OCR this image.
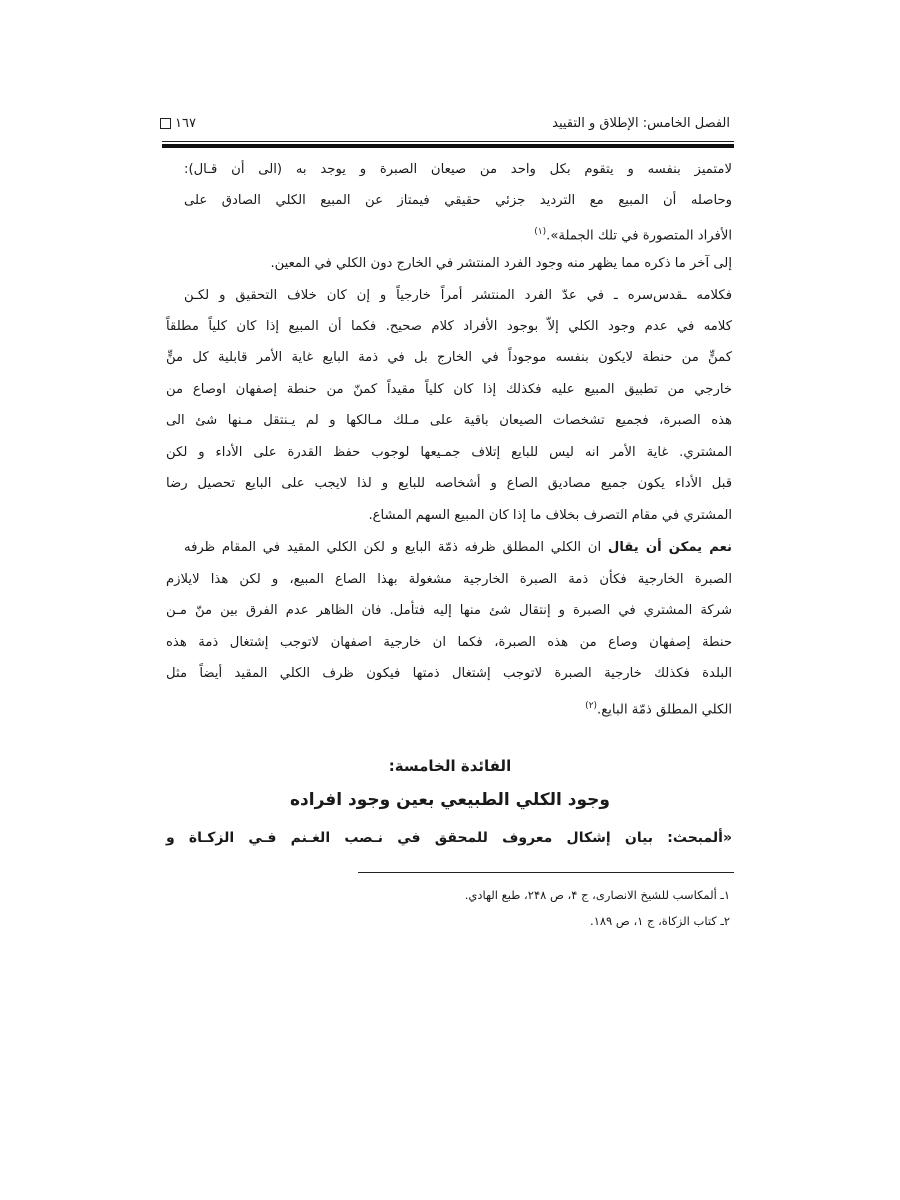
الفصل الخامس: الإطلاق و التقييد
١٦٧
لامتميز بنفسه و يتقوم بكل واحد من صيعان الصبرة و يوجد به (الى أن قـال):
وحاصله أن المبيع مع الترديد جزئي حقيقي فيمتاز عن المبيع الكلي الصادق على
الأفراد المتصورة في تلك الجملة».$^{(١)}$
إلى آخر ما ذكره مما يظهر منه وجود الفرد المنتشر في الخارج دون الكلي في المعين.
فكلامه ـقدس‌سره ـ في عدّ الفرد المنتشر أمراً خارجياً و إن كان خلاف التحقيق و لكـن
كلامه في عدم وجود الكلي إلاّ بوجود الأفراد كلام صحيح. فكما أن المبيع إذا كان كلياً مطلقاً
كمنٍّ من حنطة لايكون بنفسه موجوداً في الخارج بل في ذمة البايع غاية الأمر قابلية كل منٍّ
خارجي من تطبيق المبيع عليه فكذلك إذا كان كلياً مقيداً كمنّ من حنطة إصفهان اوصاع من
هذه الصبرة، فجميع تشخصات الصيعان باقية على مـلك مـالكها و لم يـنتقل مـنها شئ الى
المشتري. غاية الأمر انه ليس للبايع إتلاف جمـيعها لوجوب حفظ القدرة على الأداء و لكن
قبل الأداء يكون جميع مصاديق الصاع و أشخاصه للبايع و لذا لايجب على البايع تحصيل رضا
المشتري في مقام التصرف بخلاف ما إذا كان المبيع السهم المشاع.
نعم يمكن أن يقال ان الكلي المطلق ظرفه ذمّة البايع و لكن الكلي المقيد في المقام ظرفه
الصبرة الخارجية فكأن ذمة الصبرة الخارجية مشغولة بهذا الصاع المبيع، و لكن هذا لايلازم
شركة المشتري في الصبرة و إنتقال شئ منها إليه فتأمل. فان الظاهر عدم الفرق بين منّ مـن
حنطة إصفهان وصاع من هذه الصبرة، فكما ان خارجية اصفهان لاتوجب إشتغال ذمة هذه
البلدة فكذلك خارجية الصبرة لاتوجب إشتغال ذمتها فيكون ظرف الكلي المقيد أيضاً مثل
الكلي المطلق ذمّة البايع.$^{(٢)}$
الفائدة الخامسة:
وجود الكلي الطبيعي بعين وجود افراده
«ألمبحث: بيان إشكال معروف للمحقق في نـصب الغـنم فـي الزكـاة و
١ـ ألمكاسب للشيخ الانصارى، ج ۴، ص ٢۴٨، طبع الهادي.
٢ـ كتاب الزكاة، ج ١، ص ١٨٩.
